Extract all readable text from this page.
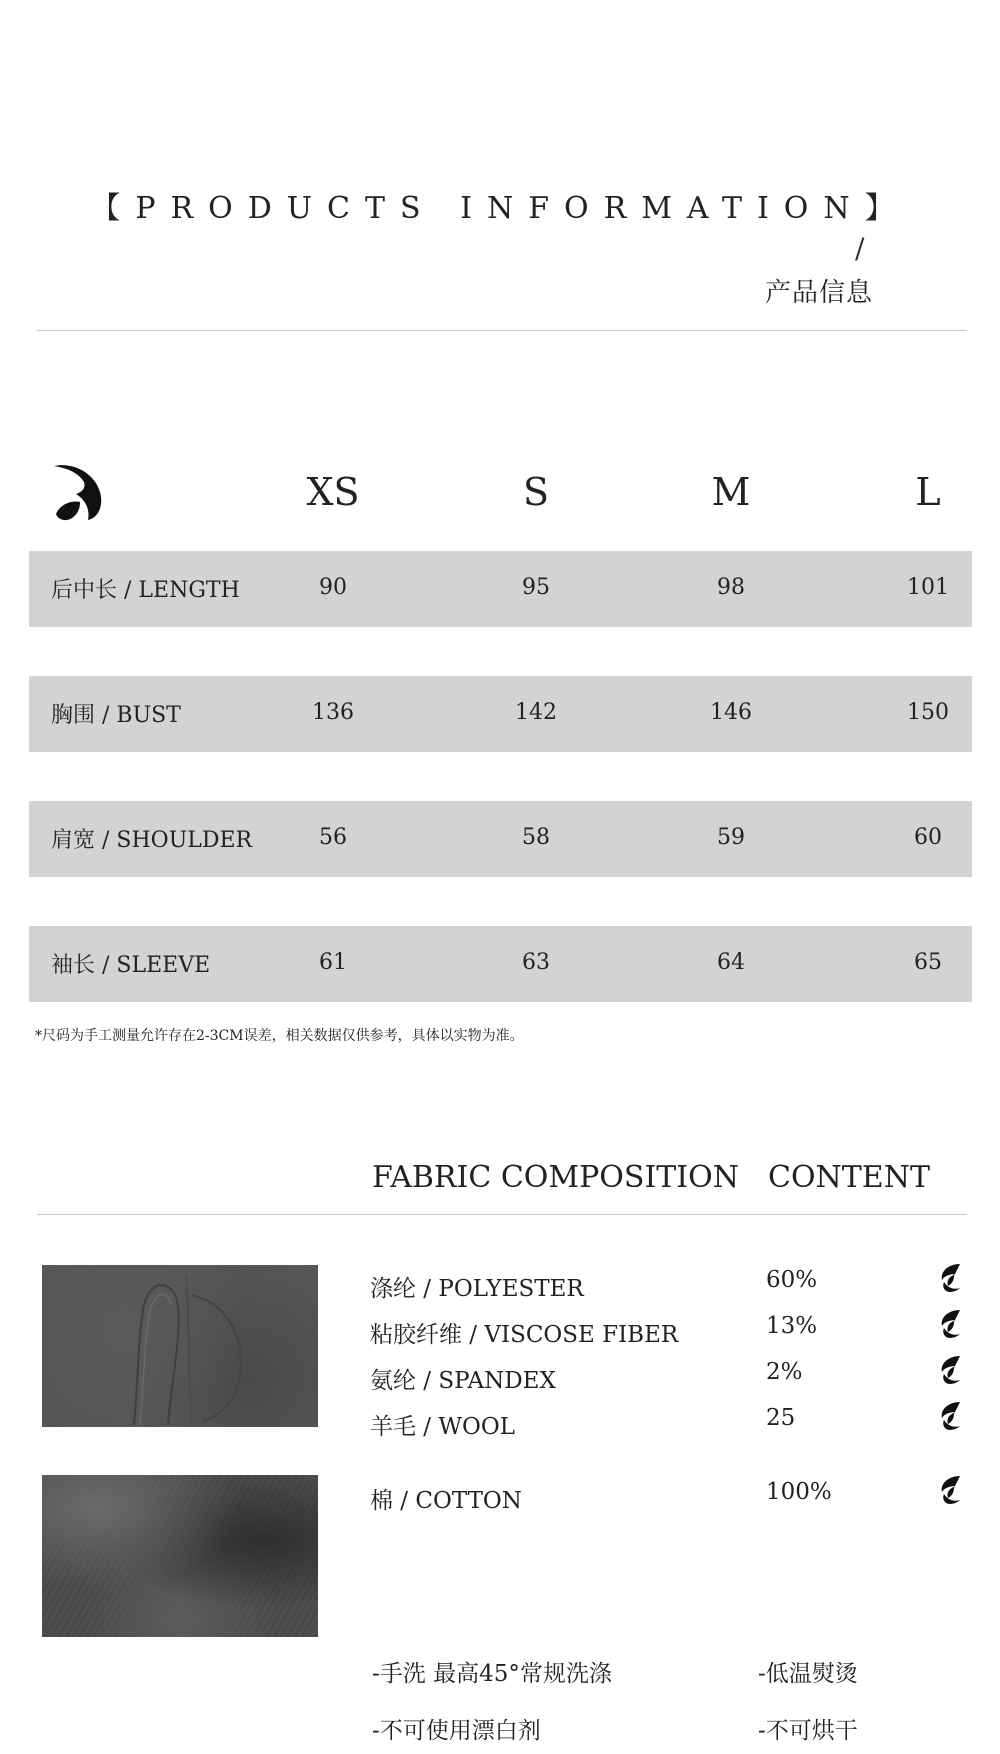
【PRODUCTS INFORMATION】
/
产品信息
XS	S	M	L
后中长 / LENGTH	90	95	98	101
胸围 / BUST	136	142	146	150
肩宽 / SHOULDER	56	58	59	60
袖长 / SLEEVE	61	63	64	65
*尺码为手工测量允许存在2-3CM误差，相关数据仅供参考，具体以实物为准。
FABRIC COMPOSITION CONTENT
涤纶 / POLYESTER	60%
粘胶纤维 / VISCOSE FIBER	13%
氨纶 / SPANDEX	2%
羊毛 / WOOL	25
棉 / COTTON	100%
-手洗 最高45°常规洗涤	-低温熨烫
-不可使用漂白剂	-不可烘干
